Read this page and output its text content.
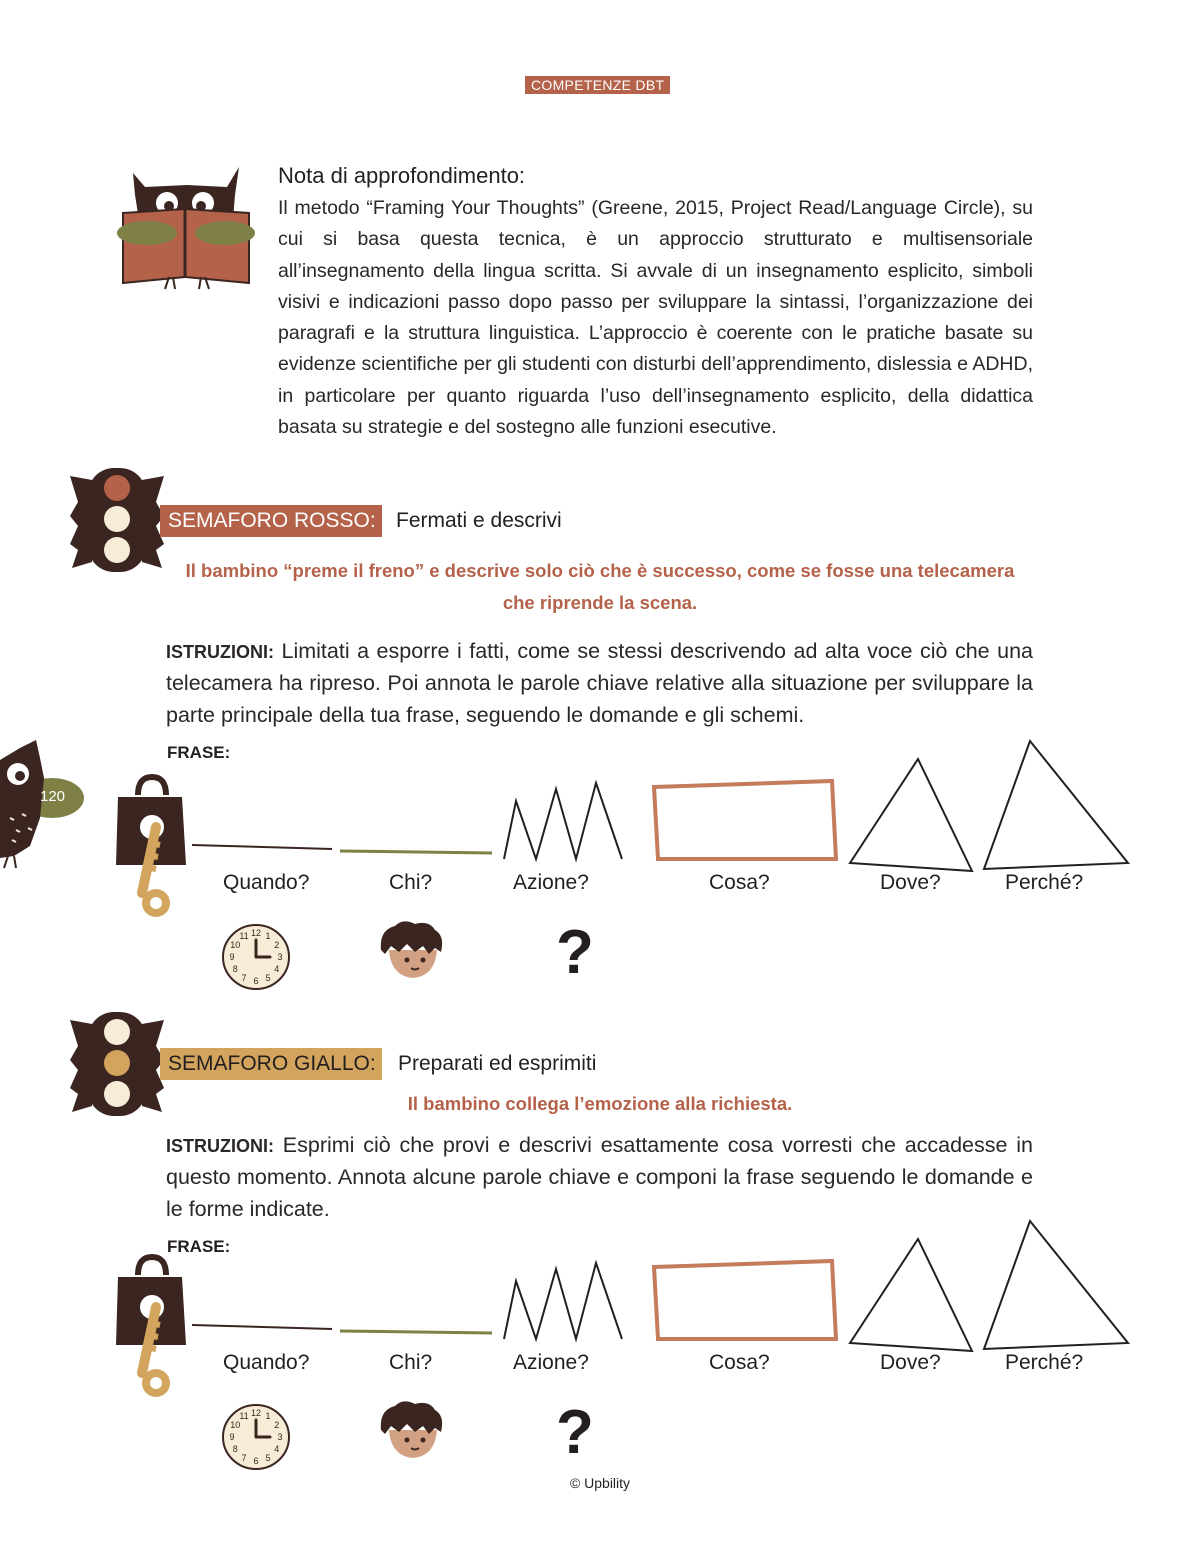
COMPETENZE DBT
Nota di approfondimento:
Il metodo “Framing Your Thoughts” (Greene, 2015, Project Read/Language Circle), su cui si basa questa tecnica, è un approccio strutturato e multisensoriale all’insegnamento della lingua scritta. Si avvale di un insegnamento esplicito, simboli visivi e indicazioni passo dopo passo per sviluppare la sintassi, l’organizzazione dei paragrafi e la struttura linguistica. L’approccio è coerente con le pratiche basate su evidenze scientifiche per gli studenti con disturbi dell’apprendimento, dislessia e ADHD, in particolare per quanto riguarda l’uso dell’insegnamento esplicito, della didattica basata su strategie e del sostegno alle funzioni esecutive.
SEMAFORO ROSSO: Fermati e descrivi
Il bambino “preme il freno” e descrive solo ciò che è successo, come se fosse una telecamera
che riprende la scena.
ISTRUZIONI: Limitati a esporre i fatti, come se stessi descrivendo ad alta voce ciò che una telecamera ha ripreso. Poi annota le parole chiave relative alla situazione per sviluppare la parte principale della tua frase, seguendo le domande e gli schemi.
FRASE:
120
Quando?	Chi?	Azione?	Cosa?	Dove?	Perché?
12 1
2
3
4
5
6
7
8
9
10
11	?
SEMAFORO GIALLO: Preparati ed esprimiti
Il bambino collega l’emozione alla richiesta.
ISTRUZIONI: Esprimi ciò che provi e descrivi esattamente cosa vorresti che accadesse in questo momento. Annota alcune parole chiave e componi la frase seguendo le domande e le forme indicate.
FRASE:
Quando?	Chi?	Azione?	Cosa?	Dove?	Perché?
12 1
2
3
4
5
6
7
8
9
10
11	?
© Upbility
